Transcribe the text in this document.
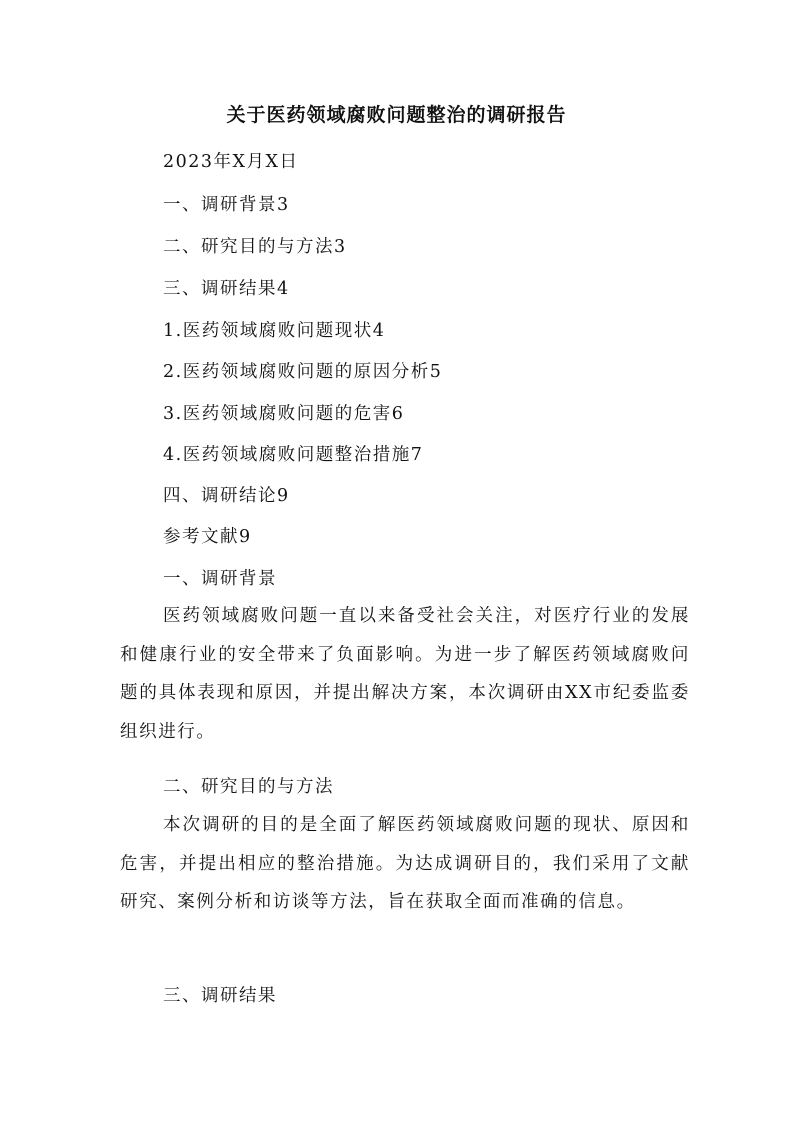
关于医药领域腐败问题整治的调研报告
2023年X月X日
一、调研背景3
二、研究目的与方法3
三、调研结果4
1.医药领域腐败问题现状4
2.医药领域腐败问题的原因分析5
3.医药领域腐败问题的危害6
4.医药领域腐败问题整治措施7
四、调研结论9
参考文献9
一、调研背景
医药领域腐败问题一直以来备受社会关注，对医疗行业的发展和健康行业的安全带来了负面影响。为进一步了解医药领域腐败问题的具体表现和原因，并提出解决方案，本次调研由XX市纪委监委组织进行。
二、研究目的与方法
本次调研的目的是全面了解医药领域腐败问题的现状、原因和危害，并提出相应的整治措施。为达成调研目的，我们采用了文献研究、案例分析和访谈等方法，旨在获取全面而准确的信息。
三、调研结果
